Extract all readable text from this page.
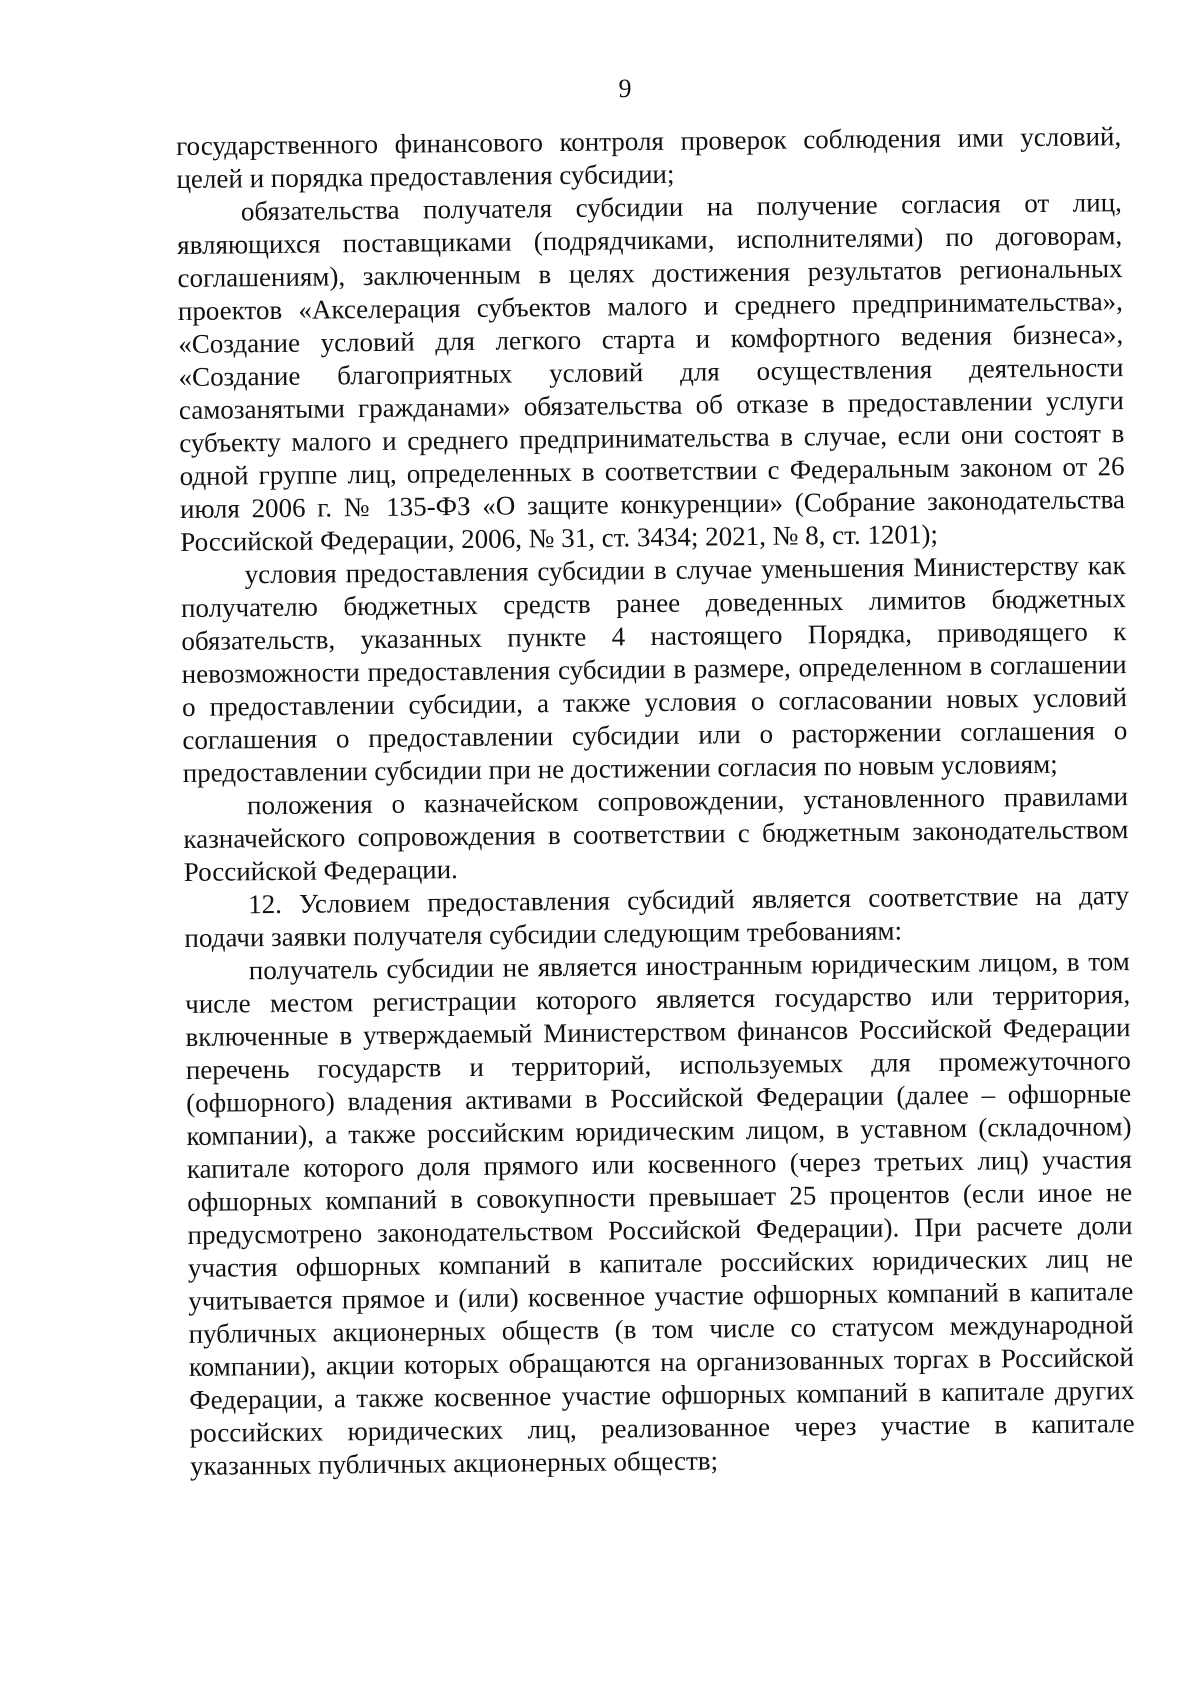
9

государственного финансового контроля проверок соблюдения ими условий, целей и порядка предоставления субсидии;

обязательства получателя субсидии на получение согласия от лиц, являющихся поставщиками (подрядчиками, исполнителями) по договорам, соглашениям), заключенным в целях достижения результатов региональных проектов «Акселерация субъектов малого и среднего предпринимательства», «Создание условий для легкого старта и комфортного ведения бизнеса», «Создание благоприятных условий для осуществления деятельности самозанятыми гражданами» обязательства об отказе в предоставлении услуги субъекту малого и среднего предпринимательства в случае, если они состоят в одной группе лиц, определенных в соответствии с Федеральным законом от 26 июля 2006 г. № 135-ФЗ «О защите конкуренции» (Собрание законодательства Российской Федерации, 2006, № 31, ст. 3434; 2021, № 8, ст. 1201);

условия предоставления субсидии в случае уменьшения Министерству как получателю бюджетных средств ранее доведенных лимитов бюджетных обязательств, указанных пункте 4 настоящего Порядка, приводящего к невозможности предоставления субсидии в размере, определенном в соглашении о предоставлении субсидии, а также условия о согласовании новых условий соглашения о предоставлении субсидии или о расторжении соглашения о предоставлении субсидии при не достижении согласия по новым условиям;

положения о казначейском сопровождении, установленного правилами казначейского сопровождения в соответствии с бюджетным законодательством Российской Федерации.

12. Условием предоставления субсидий является соответствие на дату подачи заявки получателя субсидии следующим требованиям:

получатель субсидии не является иностранным юридическим лицом, в том числе местом регистрации которого является государство или территория, включенные в утверждаемый Министерством финансов Российской Федерации перечень государств и территорий, используемых для промежуточного (офшорного) владения активами в Российской Федерации (далее – офшорные компании), а также российским юридическим лицом, в уставном (складочном) капитале которого доля прямого или косвенного (через третьих лиц) участия офшорных компаний в совокупности превышает 25 процентов (если иное не предусмотрено законодательством Российской Федерации). При расчете доли участия офшорных компаний в капитале российских юридических лиц не учитывается прямое и (или) косвенное участие офшорных компаний в капитале публичных акционерных обществ (в том числе со статусом международной компании), акции которых обращаются на организованных торгах в Российской Федерации, а также косвенное участие офшорных компаний в капитале других российских юридических лиц, реализованное через участие в капитале указанных публичных акционерных обществ;
